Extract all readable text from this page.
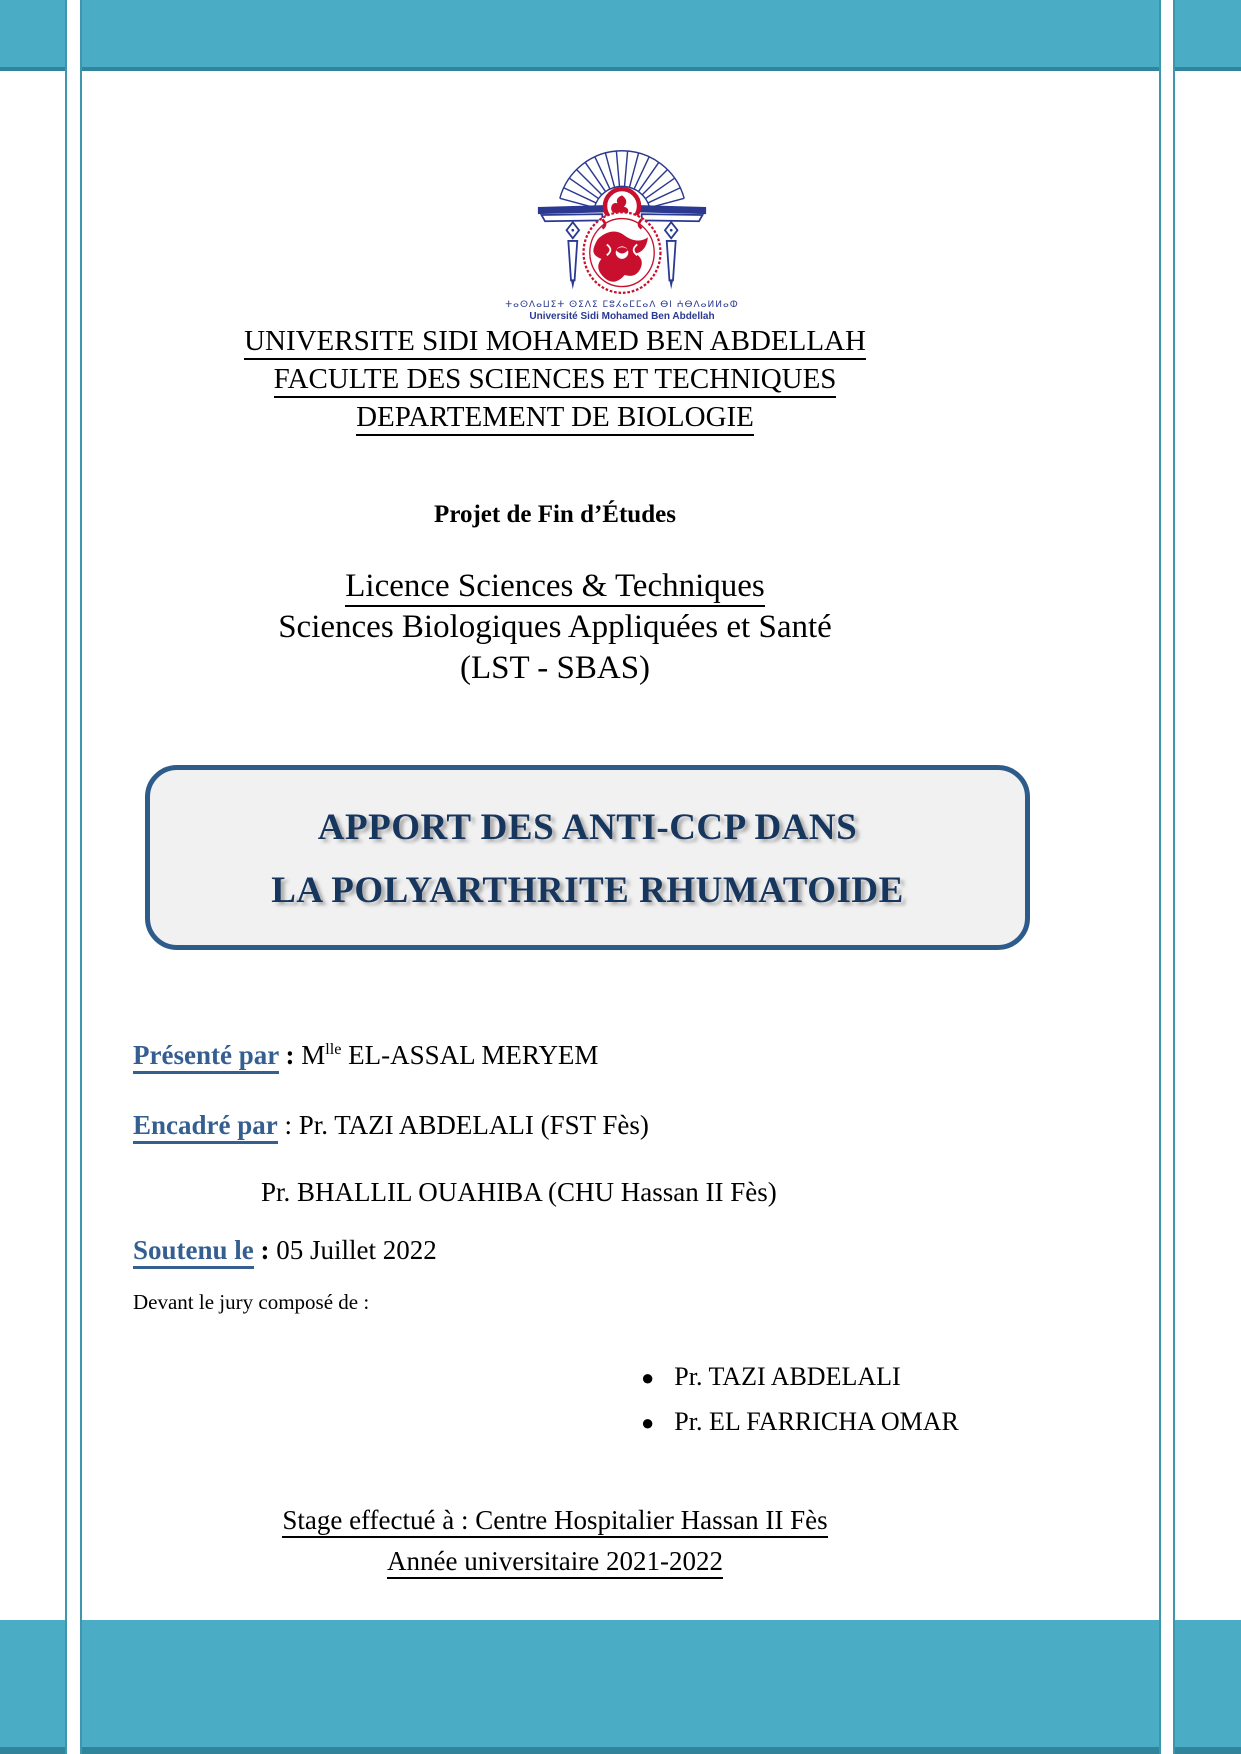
ⵜⴰⵙⴷⴰⵡⵉⵜ ⵙⵉⴷⵉ ⵎⵓⵃⴰⵎⵎⴰⴷ ⴱⵏ ⵄⴱⴷⴰⵍⵍⴰⵀ
Université Sidi Mohamed Ben Abdellah
UNIVERSITE SIDI MOHAMED BEN ABDELLAH
FACULTE DES SCIENCES ET TECHNIQUES
DEPARTEMENT DE BIOLOGIE
Projet de Fin d’Études
Licence Sciences & Techniques
Sciences Biologiques Appliquées et Santé
(LST - SBAS)
APPORT DES ANTI-CCP DANS
LA POLYARTHRITE RHUMATOIDE
Présenté par : $M^{lle}$ EL-ASSAL MERYEM
Encadré par : Pr. TAZI ABDELALI (FST Fès)
Pr. BHALLIL OUAHIBA (CHU Hassan II Fès)
Soutenu le : 05 Juillet 2022
Devant le jury composé de :
● Pr. TAZI ABDELALI
● Pr. EL FARRICHA OMAR
Stage effectué à : Centre Hospitalier Hassan II Fès
Année universitaire 2021-2022
